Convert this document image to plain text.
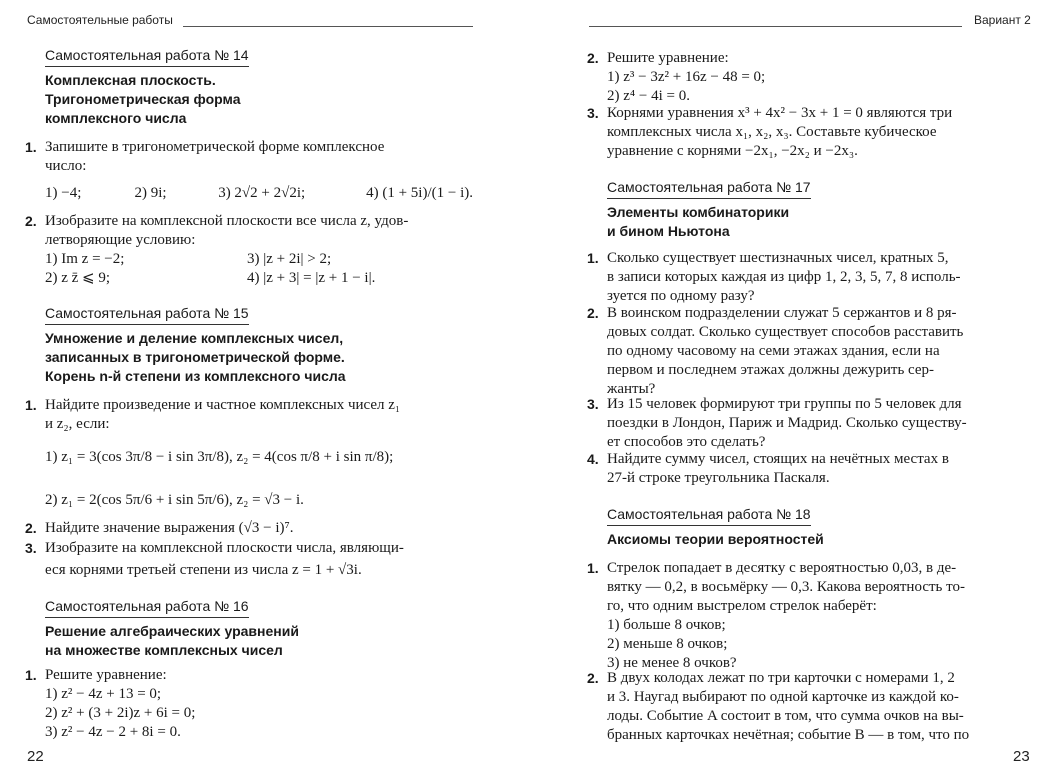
Самостоятельные работы
Самостоятельная работа № 14
Комплексная плоскость.
Тригонометрическая форма
комплексного числа
1. Запишите в тригонометрической форме комплексное
число:
1) −4;	2) 9i;	3) 2√2 + 2√2i;	4) (1 + 5i)/(1 − i).
2. Изобразите на комплексной плоскости все числа z, удов-
летворяющие условию:
1) Im z = −2;	3) |z + 2i| > 2;
2) z z̄ ⩽ 9;	4) |z + 3| = |z + 1 − i|.
Самостоятельная работа № 15
Умножение и деление комплексных чисел,
записанных в тригонометрической форме.
Корень n-й степени из комплексного числа
1. Найдите произведение и частное комплексных чисел z₁
и z₂, если:
1) z₁ = 3(cos 3π/8 − i sin 3π/8), z₂ = 4(cos π/8 + i sin π/8);
2) z₁ = 2(cos 5π/6 + i sin 5π/6), z₂ = √3 − i.
2. Найдите значение выражения (√3 − i)⁷.
3. Изобразите на комплексной плоскости числа, являющи-
еся корнями третьей степени из числа z = 1 + √3i.
Самостоятельная работа № 16
Решение алгебраических уравнений
на множестве комплексных чисел
1. Решите уравнение:
1) z² − 4z + 13 = 0;
2) z² + (3 + 2i)z + 6i = 0;
3) z² − 4z − 2 + 8i = 0.
22
Вариант 2
2. Решите уравнение:
1) z³ − 3z² + 16z − 48 = 0;
2) z⁴ − 4i = 0.
3. Корнями уравнения x³ + 4x² − 3x + 1 = 0 являются три
комплексных числа x₁, x₂, x₃. Составьте кубическое
уравнение с корнями −2x₁, −2x₂ и −2x₃.
Самостоятельная работа № 17
Элементы комбинаторики
и бином Ньютона
1. Сколько существует шестизначных чисел, кратных 5,
в записи которых каждая из цифр 1, 2, 3, 5, 7, 8 исполь-
зуется по одному разу?
2. В воинском подразделении служат 5 сержантов и 8 ря-
довых солдат. Сколько существует способов расставить
по одному часовому на семи этажах здания, если на
первом и последнем этажах должны дежурить сер-
жанты?
3. Из 15 человек формируют три группы по 5 человек для
поездки в Лондон, Париж и Мадрид. Сколько существу-
ет способов это сделать?
4. Найдите сумму чисел, стоящих на нечётных местах в
27-й строке треугольника Паскаля.
Самостоятельная работа № 18
Аксиомы теории вероятностей
1. Стрелок попадает в десятку с вероятностью 0,03, в де-
вятку — 0,2, в восьмёрку — 0,3. Какова вероятность то-
го, что одним выстрелом стрелок наберёт:
1) больше 8 очков;
2) меньше 8 очков;
3) не менее 8 очков?
2. В двух колодах лежат по три карточки с номерами 1, 2
и 3. Наугад выбирают по одной карточке из каждой ко-
лоды. Событие A состоит в том, что сумма очков на вы-
бранных карточках нечётная; событие B — в том, что по
23
